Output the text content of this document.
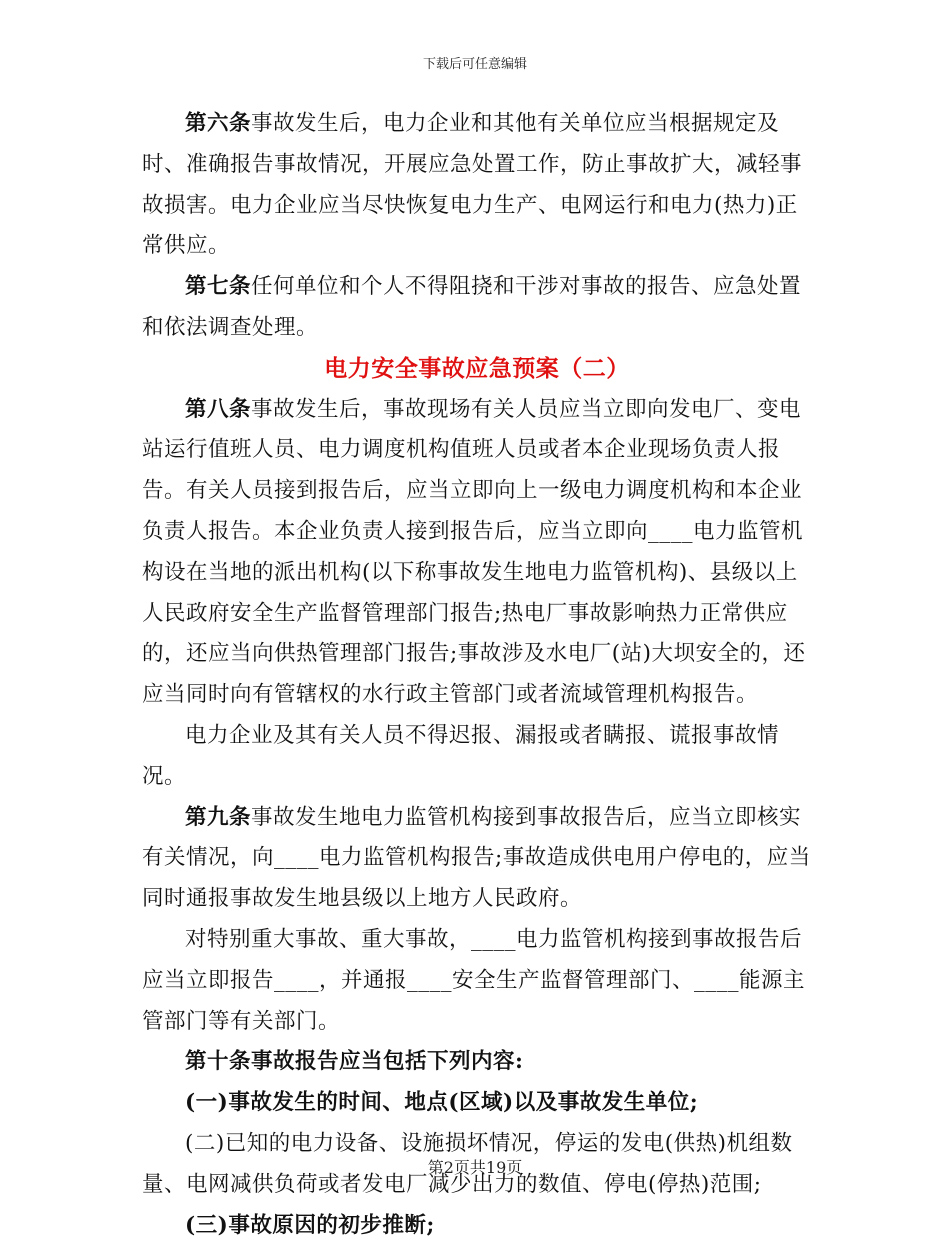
下载后可任意编辑

第六条事故发生后，电力企业和其他有关单位应当根据规定及时、准确报告事故情况，开展应急处置工作，防止事故扩大，减轻事故损害。电力企业应当尽快恢复电力生产、电网运行和电力(热力)正常供应。

第七条任何单位和个人不得阻挠和干涉对事故的报告、应急处置和依法调查处理。

电力安全事故应急预案（二）

第八条事故发生后，事故现场有关人员应当立即向发电厂、变电站运行值班人员、电力调度机构值班人员或者本企业现场负责人报告。有关人员接到报告后，应当立即向上一级电力调度机构和本企业负责人报告。本企业负责人接到报告后，应当立即向____电力监管机构设在当地的派出机构(以下称事故发生地电力监管机构)、县级以上人民政府安全生产监督管理部门报告;热电厂事故影响热力正常供应的，还应当向供热管理部门报告;事故涉及水电厂(站)大坝安全的，还应当同时向有管辖权的水行政主管部门或者流域管理机构报告。

电力企业及其有关人员不得迟报、漏报或者瞒报、谎报事故情况。

第九条事故发生地电力监管机构接到事故报告后，应当立即核实有关情况，向____电力监管机构报告;事故造成供电用户停电的，应当同时通报事故发生地县级以上地方人民政府。

对特别重大事故、重大事故，____电力监管机构接到事故报告后应当立即报告____，并通报____安全生产监督管理部门、____能源主管部门等有关部门。

第十条事故报告应当包括下列内容:

(一)事故发生的时间、地点(区域)以及事故发生单位;

(二)已知的电力设备、设施损坏情况，停运的发电(供热)机组数量、电网减供负荷或者发电厂减少出力的数值、停电(停热)范围;

(三)事故原因的初步推断;

第2页共19页
